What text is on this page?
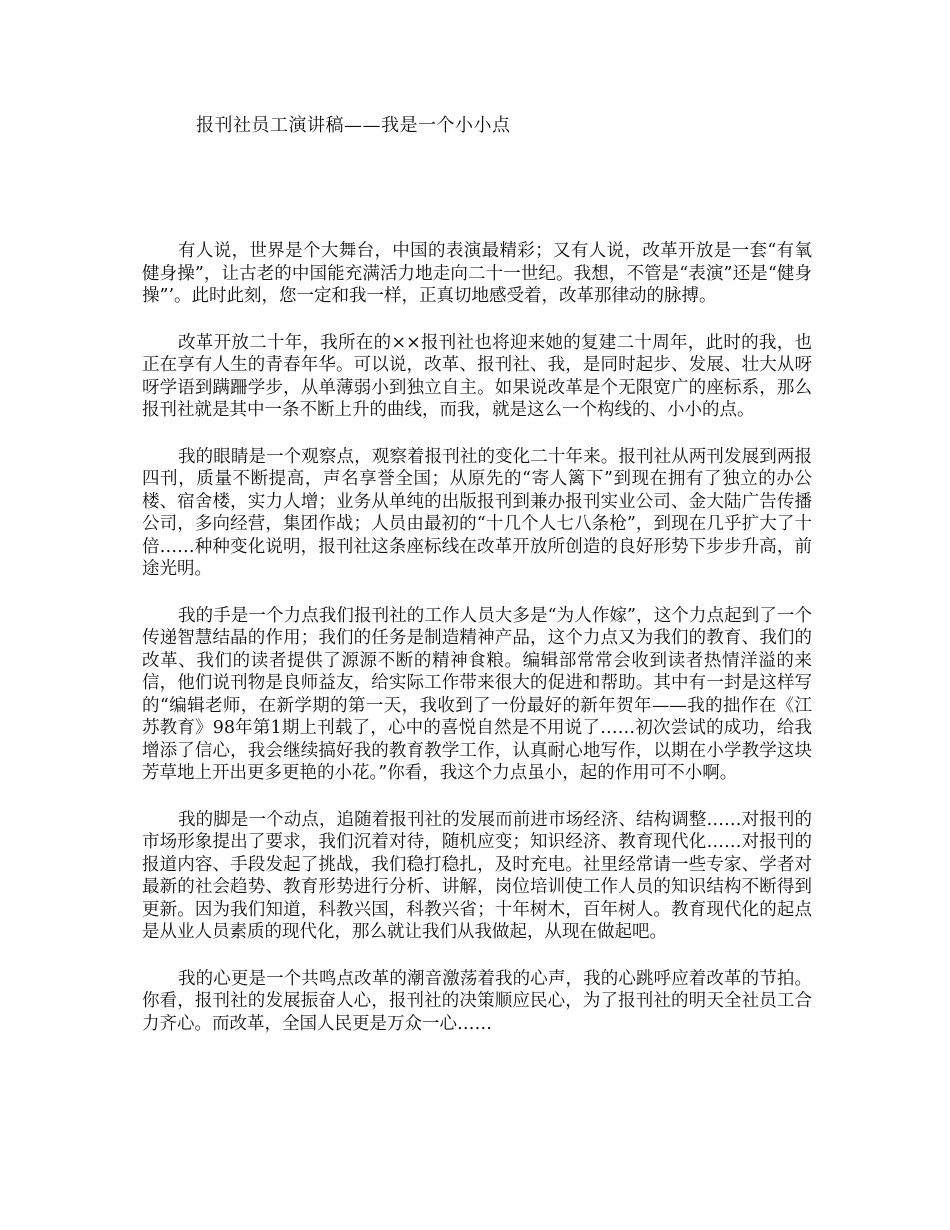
报刊社员工演讲稿——我是一个小小点

有人说，世界是个大舞台，中国的表演最精彩；又有人说，改革开放是一套“有氧健身操”，让古老的中国能充满活力地走向二十一世纪。我想，不管是“表演”还是“健身操”’。此时此刻，您一定和我一样，正真切地感受着，改革那律动的脉搏。

改革开放二十年，我所在的××报刊社也将迎来她的复建二十周年，此时的我，也正在享有人生的青春年华。可以说，改革、报刊社、我，是同时起步、发展、壮大从呀呀学语到蹒跚学步，从单薄弱小到独立自主。如果说改革是个无限宽广的座标系，那么报刊社就是其中一条不断上升的曲线，而我，就是这么一个构线的、小小的点。

我的眼睛是一个观察点，观察着报刊社的变化二十年来。报刊社从两刊发展到两报四刊，质量不断提高，声名享誉全国；从原先的“寄人篱下”到现在拥有了独立的办公楼、宿舍楼，实力人增；业务从单纯的出版报刊到兼办报刊实业公司、金大陆广告传播公司，多向经营，集团作战；人员由最初的“十几个人七八条枪”，到现在几乎扩大了十倍……种种变化说明，报刊社这条座标线在改革开放所创造的良好形势下步步升高，前途光明。

我的手是一个力点我们报刊社的工作人员大多是“为人作嫁”，这个力点起到了一个传递智慧结晶的作用；我们的任务是制造精神产品，这个力点又为我们的教育、我们的改革、我们的读者提供了源源不断的精神食粮。编辑部常常会收到读者热情洋溢的来信，他们说刊物是良师益友，给实际工作带来很大的促进和帮助。其中有一封是这样写的“编辑老师，在新学期的第一天，我收到了一份最好的新年贺年——我的拙作在《江苏教育》98年第1期上刊载了，心中的喜悦自然是不用说了……初次尝试的成功，给我增添了信心，我会继续搞好我的教育教学工作，认真耐心地写作，以期在小学教学这块芳草地上开出更多更艳的小花。”你看，我这个力点虽小，起的作用可不小啊。

我的脚是一个动点，追随着报刊社的发展而前进市场经济、结构调整……对报刊的市场形象提出了要求，我们沉着对待，随机应变；知识经济、教育现代化……对报刊的报道内容、手段发起了挑战，我们稳打稳扎，及时充电。社里经常请一些专家、学者对最新的社会趋势、教育形势进行分析、讲解，岗位培训使工作人员的知识结构不断得到更新。因为我们知道，科教兴国，科教兴省；十年树木，百年树人。教育现代化的起点是从业人员素质的现代化，那么就让我们从我做起，从现在做起吧。

我的心更是一个共鸣点改革的潮音激荡着我的心声，我的心跳呼应着改革的节拍。你看，报刊社的发展振奋人心，报刊社的决策顺应民心，为了报刊社的明天全社员工合力齐心。而改革，全国人民更是万众一心……
